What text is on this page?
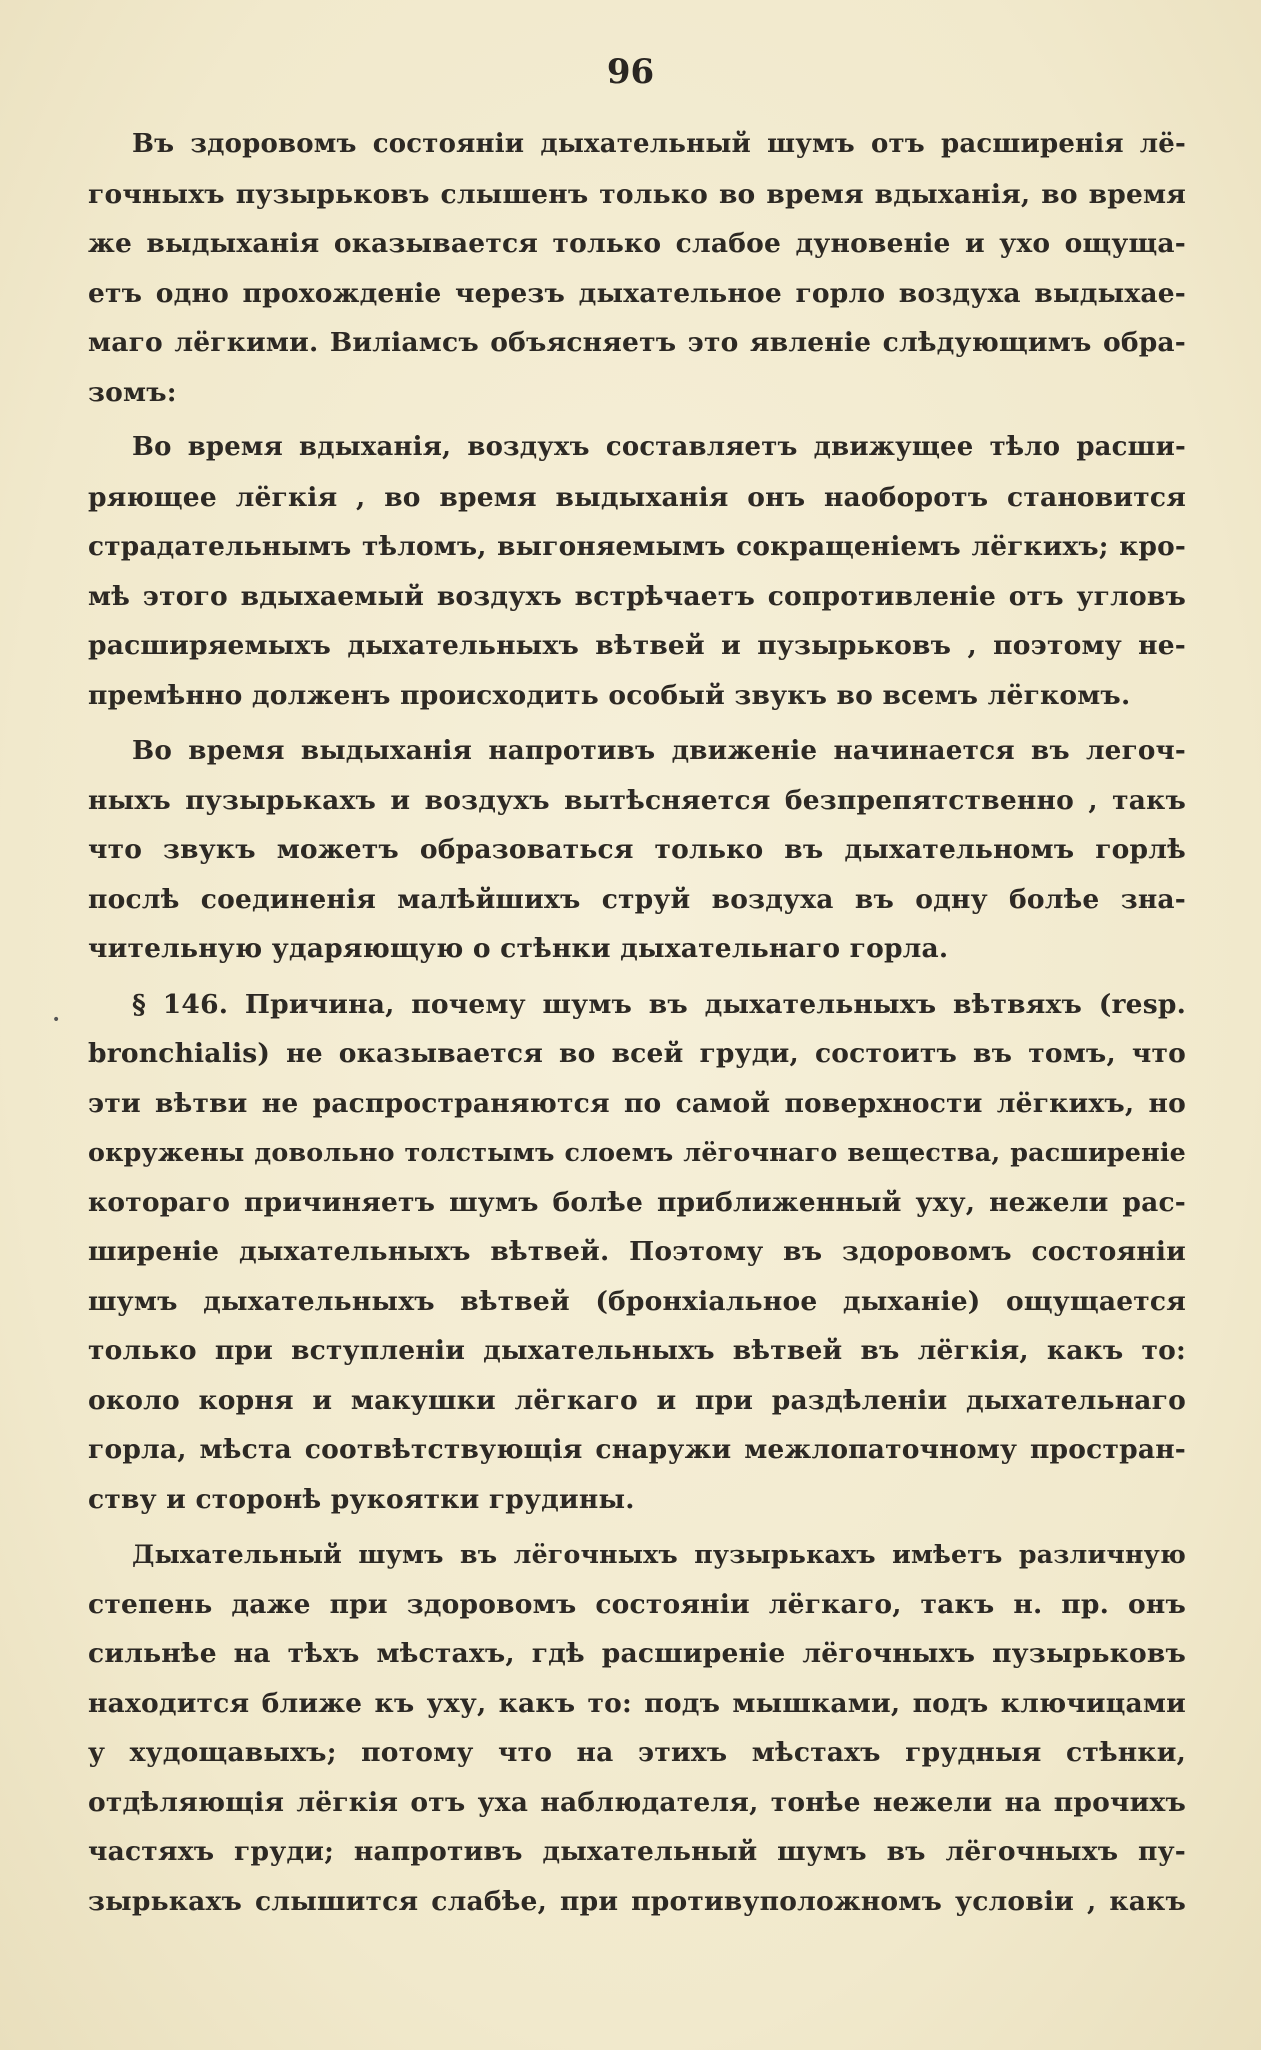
96
•
Въ здоровомъ состояніи дыхательный шумъ отъ расширенія лё-
гочныхъ пузырьковъ слышенъ только во время вдыханія, во время
же выдыханія оказывается только слабое дуновеніе и ухо ощуща-
етъ одно прохожденіе черезъ дыхательное горло воздуха выдыхае-
маго лёгкими. Виліамсъ объясняетъ это явленіе слѣдующимъ обра-
зомъ:
Во время вдыханія, воздухъ составляетъ движущее тѣло расши-
ряющее лёгкія , во время выдыханія онъ наоборотъ становится
страдательнымъ тѣломъ, выгоняемымъ сокращеніемъ лёгкихъ; кро-
мѣ этого вдыхаемый воздухъ встрѣчаетъ сопротивленіе отъ угловъ
расширяемыхъ дыхательныхъ вѣтвей и пузырьковъ , поэтому не-
премѣнно долженъ происходить особый звукъ во всемъ лёгкомъ.
Во время выдыханія напротивъ движеніе начинается въ легоч-
ныхъ пузырькахъ и воздухъ вытѣсняется безпрепятственно , такъ
что звукъ можетъ образоваться только въ дыхательномъ горлѣ
послѣ соединенія малѣйшихъ струй воздуха въ одну болѣе зна-
чительную ударяющую о стѣнки дыхательнаго горла.
§ 146. Причина, почему шумъ въ дыхательныхъ вѣтвяхъ (resp.
bronchialis) не оказывается во всей груди, состоитъ въ томъ, что
эти вѣтви не распространяются по самой поверхности лёгкихъ, но
окружены довольно толстымъ слоемъ лёгочнаго вещества, расширеніе
котораго причиняетъ шумъ болѣе приближенный уху, нежели рас-
ширеніе дыхательныхъ вѣтвей. Поэтому въ здоровомъ состояніи
шумъ дыхательныхъ вѣтвей (бронхіальное дыханіе) ощущается
только при вступленіи дыхательныхъ вѣтвей въ лёгкія, какъ то:
около корня и макушки лёгкаго и при раздѣленіи дыхательнаго
горла, мѣста соотвѣтствующія снаружи межлопаточному простран-
ству и сторонѣ рукоятки грудины.
Дыхательный шумъ въ лёгочныхъ пузырькахъ имѣетъ различную
степень даже при здоровомъ состояніи лёгкаго, такъ н. пр. онъ
сильнѣе на тѣхъ мѣстахъ, гдѣ расширеніе лёгочныхъ пузырьковъ
находится ближе къ уху, какъ то: подъ мышками, подъ ключицами
у худощавыхъ; потому что на этихъ мѣстахъ грудныя стѣнки,
отдѣляющія лёгкія отъ уха наблюдателя, тонѣе нежели на прочихъ
частяхъ груди; напротивъ дыхательный шумъ въ лёгочныхъ пу-
зырькахъ слышится слабѣе, при противуположномъ условіи , какъ
